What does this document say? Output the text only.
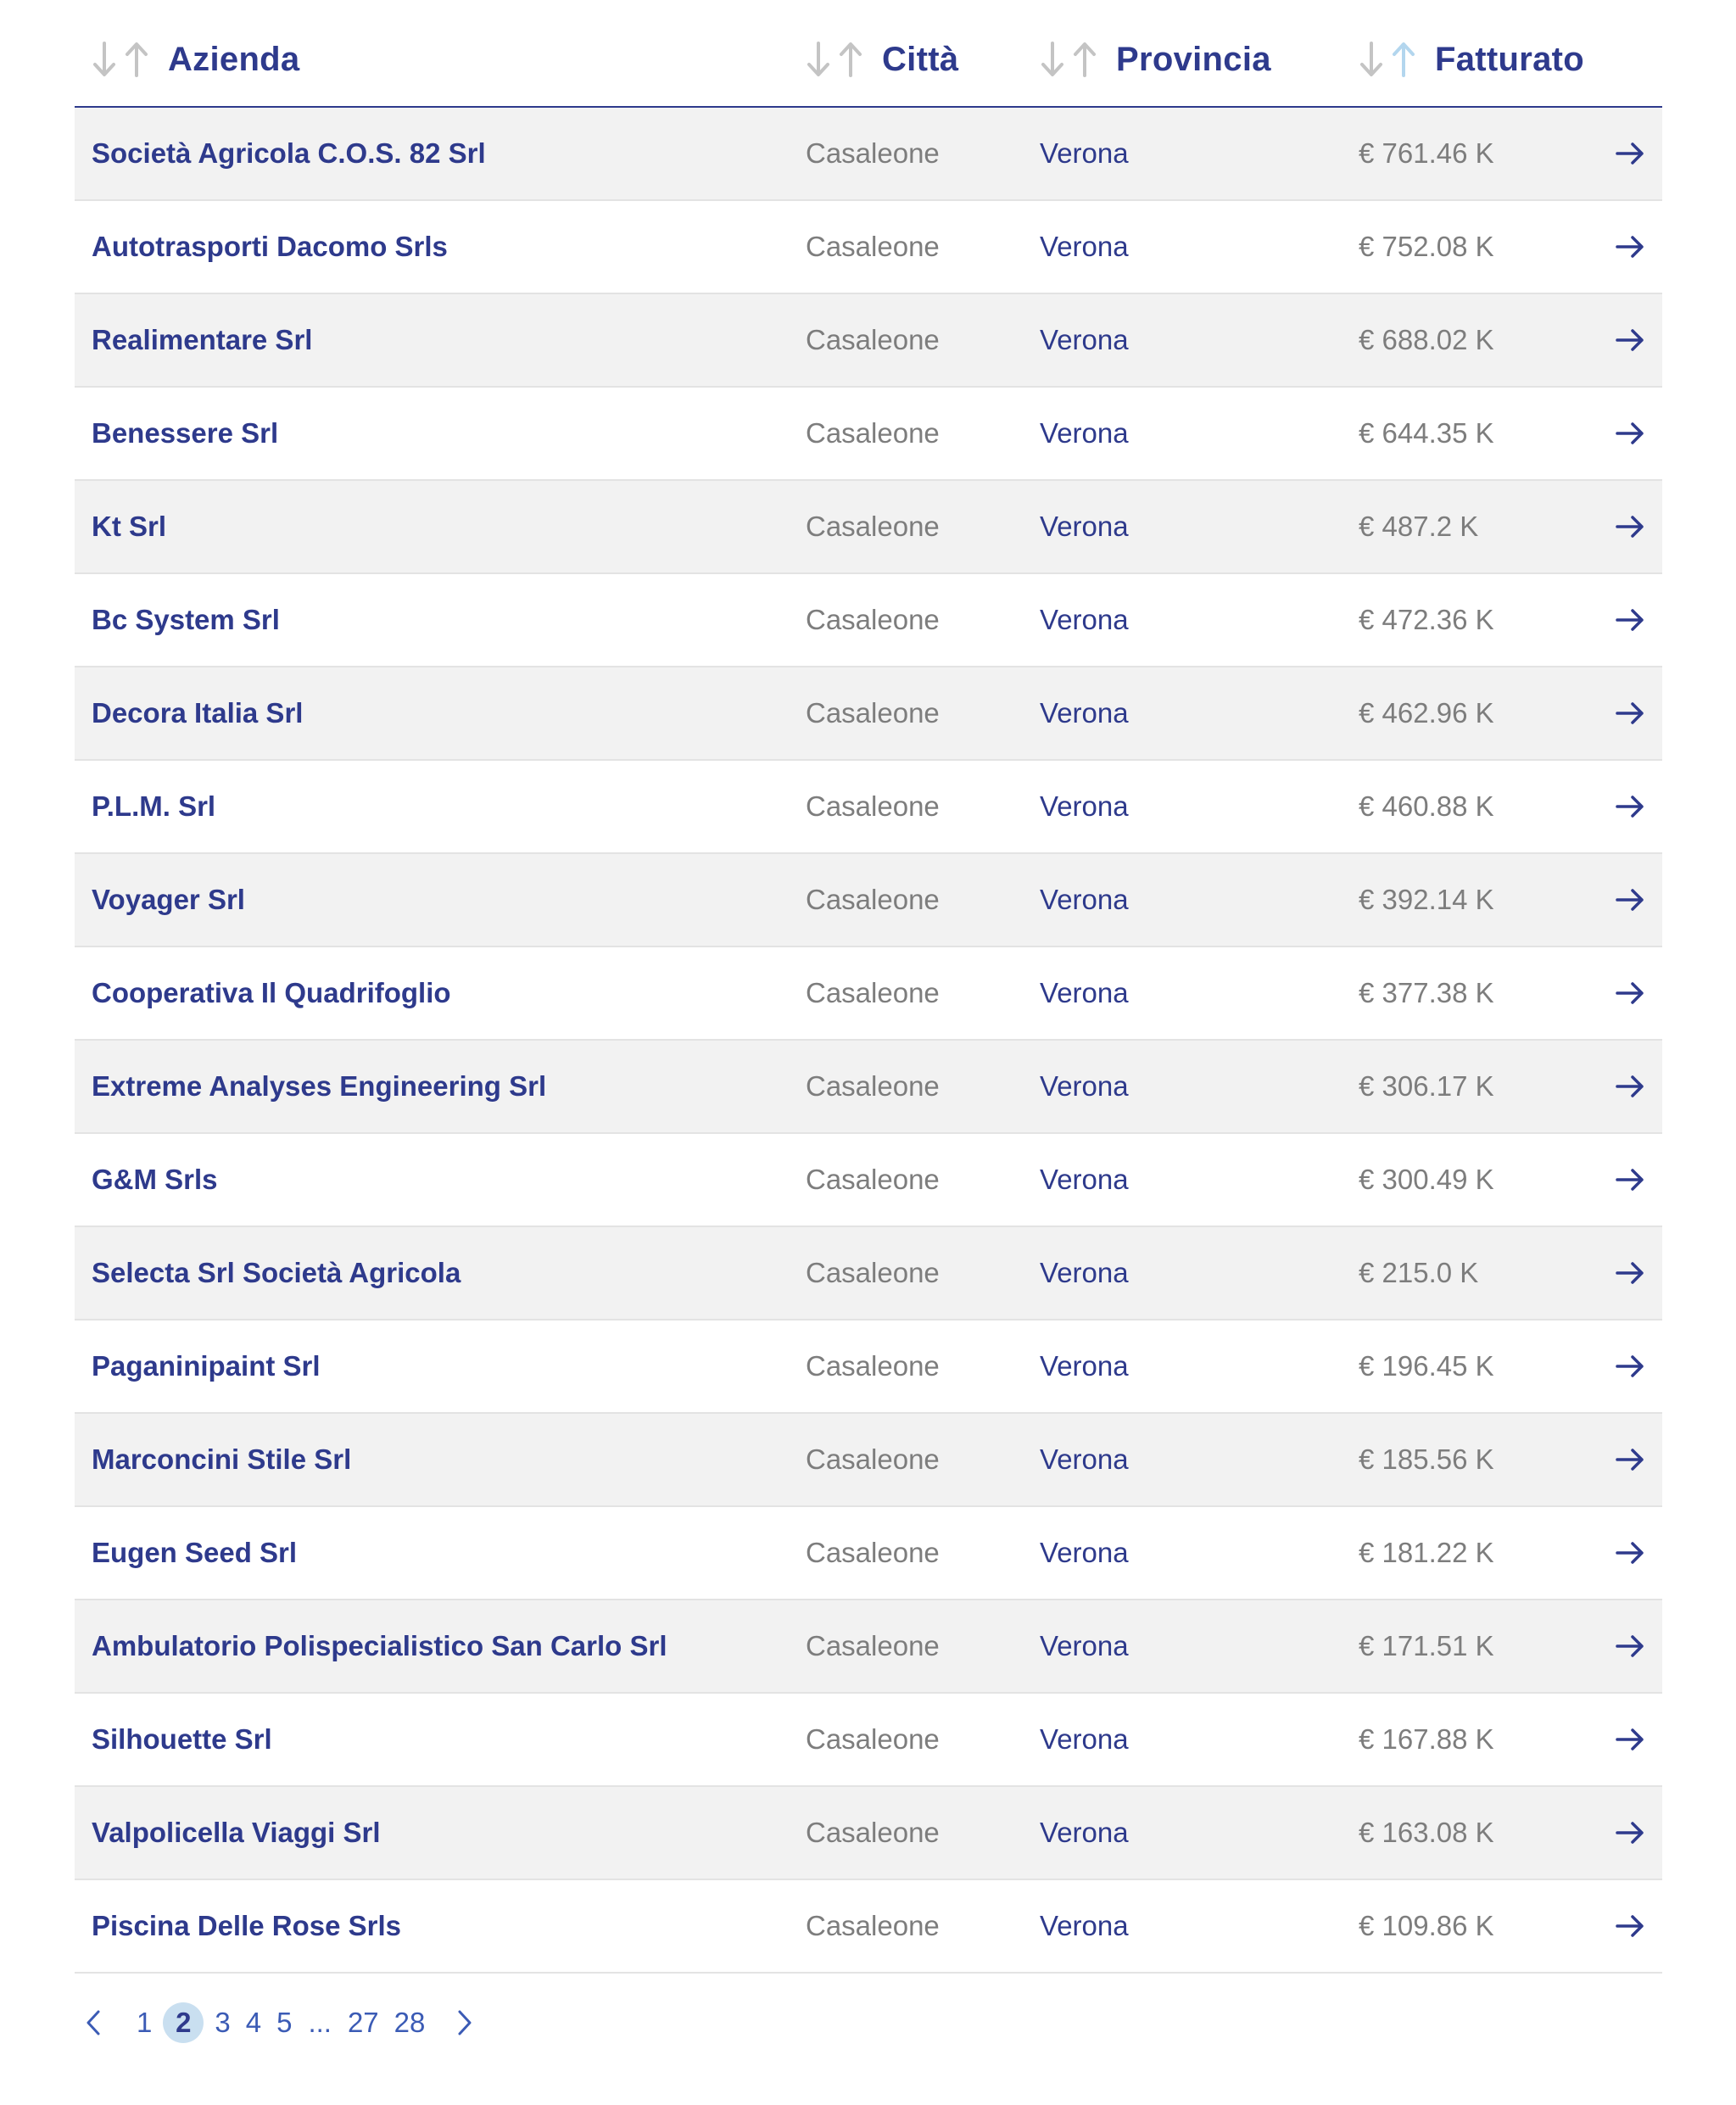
Azienda	Città	Provincia	Fatturato
Società Agricola C.O.S. 82 Srl	Casaleone	Verona	€ 761.46 K
Autotrasporti Dacomo Srls	Casaleone	Verona	€ 752.08 K
Realimentare Srl	Casaleone	Verona	€ 688.02 K
Benessere Srl	Casaleone	Verona	€ 644.35 K
Kt Srl	Casaleone	Verona	€ 487.2 K
Bc System Srl	Casaleone	Verona	€ 472.36 K
Decora Italia Srl	Casaleone	Verona	€ 462.96 K
P.L.M. Srl	Casaleone	Verona	€ 460.88 K
Voyager Srl	Casaleone	Verona	€ 392.14 K
Cooperativa Il Quadrifoglio	Casaleone	Verona	€ 377.38 K
Extreme Analyses Engineering Srl	Casaleone	Verona	€ 306.17 K
G&M Srls	Casaleone	Verona	€ 300.49 K
Selecta Srl Società Agricola	Casaleone	Verona	€ 215.0 K
Paganinipaint Srl	Casaleone	Verona	€ 196.45 K
Marconcini Stile Srl	Casaleone	Verona	€ 185.56 K
Eugen Seed Srl	Casaleone	Verona	€ 181.22 K
Ambulatorio Polispecialistico San Carlo Srl	Casaleone	Verona	€ 171.51 K
Silhouette Srl	Casaleone	Verona	€ 167.88 K
Valpolicella Viaggi Srl	Casaleone	Verona	€ 163.08 K
Piscina Delle Rose Srls	Casaleone	Verona	€ 109.86 K
1 2 3 4 5 ... 27 28
